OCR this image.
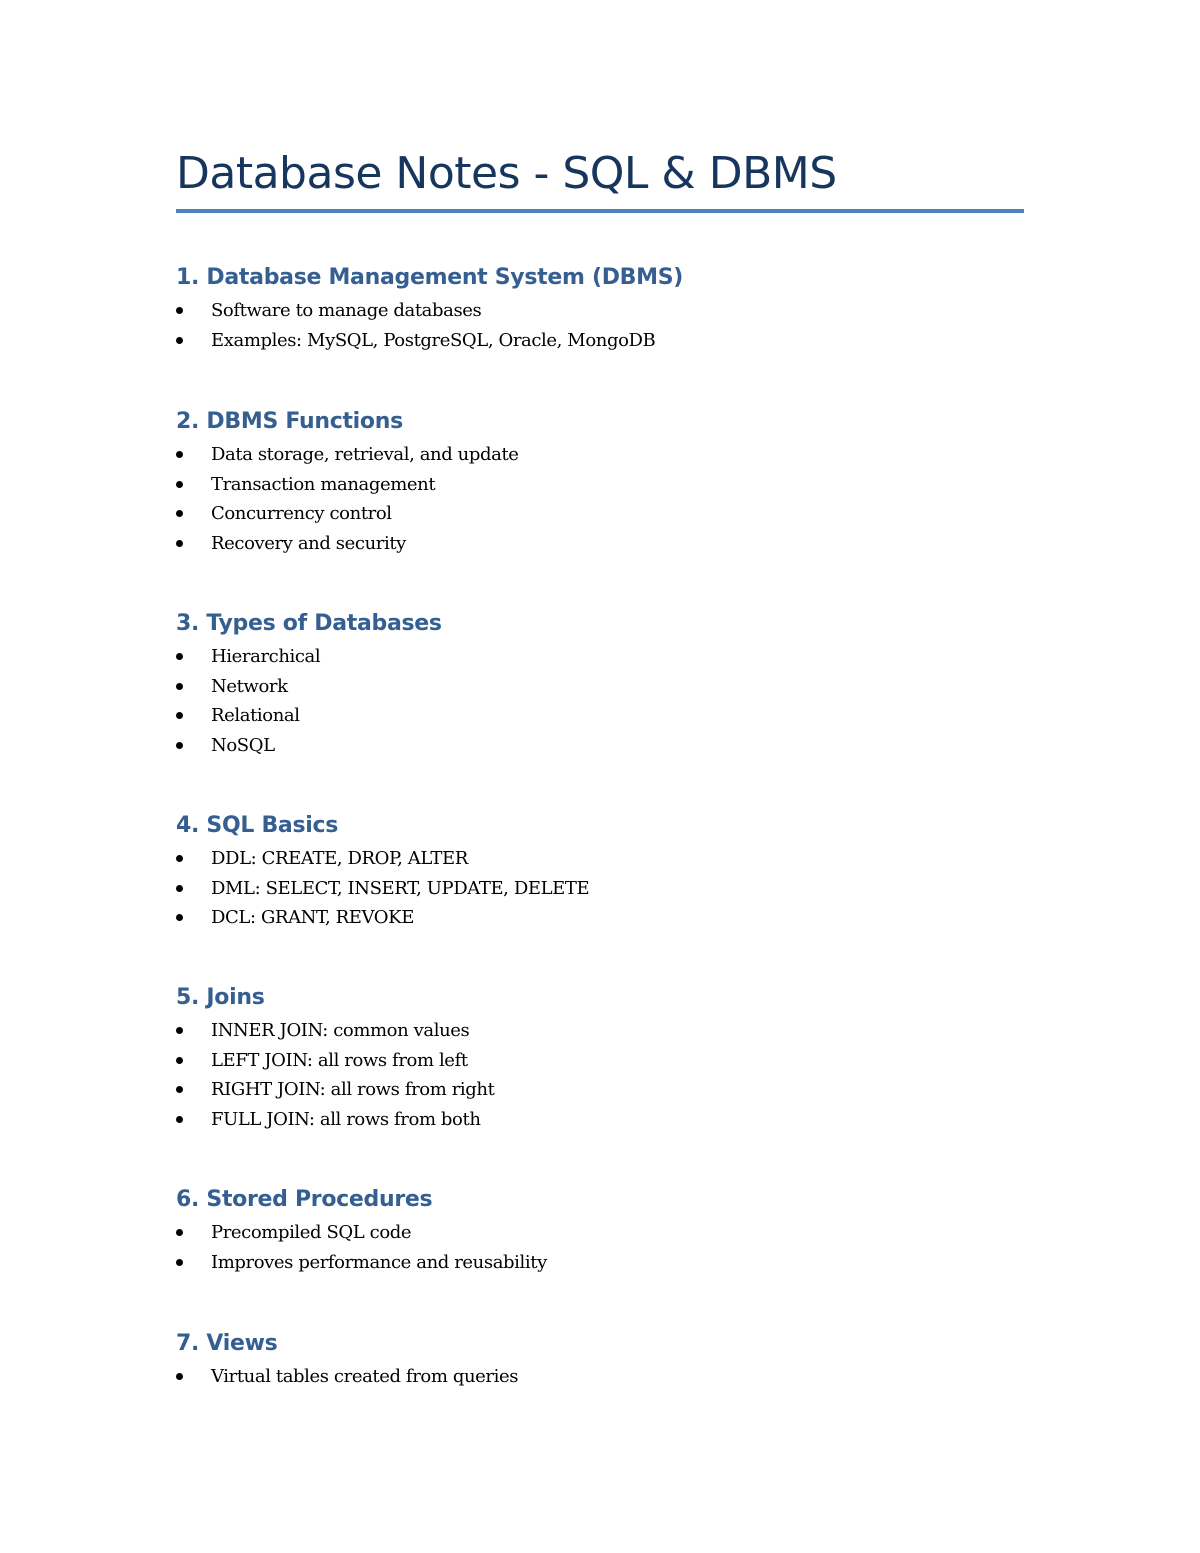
Database Notes - SQL & DBMS
1. Database Management System (DBMS)
Software to manage databases
Examples: MySQL, PostgreSQL, Oracle, MongoDB
2. DBMS Functions
Data storage, retrieval, and update
Transaction management
Concurrency control
Recovery and security
3. Types of Databases
Hierarchical
Network
Relational
NoSQL
4. SQL Basics
DDL: CREATE, DROP, ALTER
DML: SELECT, INSERT, UPDATE, DELETE
DCL: GRANT, REVOKE
5. Joins
INNER JOIN: common values
LEFT JOIN: all rows from left
RIGHT JOIN: all rows from right
FULL JOIN: all rows from both
6. Stored Procedures
Precompiled SQL code
Improves performance and reusability
7. Views
Virtual tables created from queries
